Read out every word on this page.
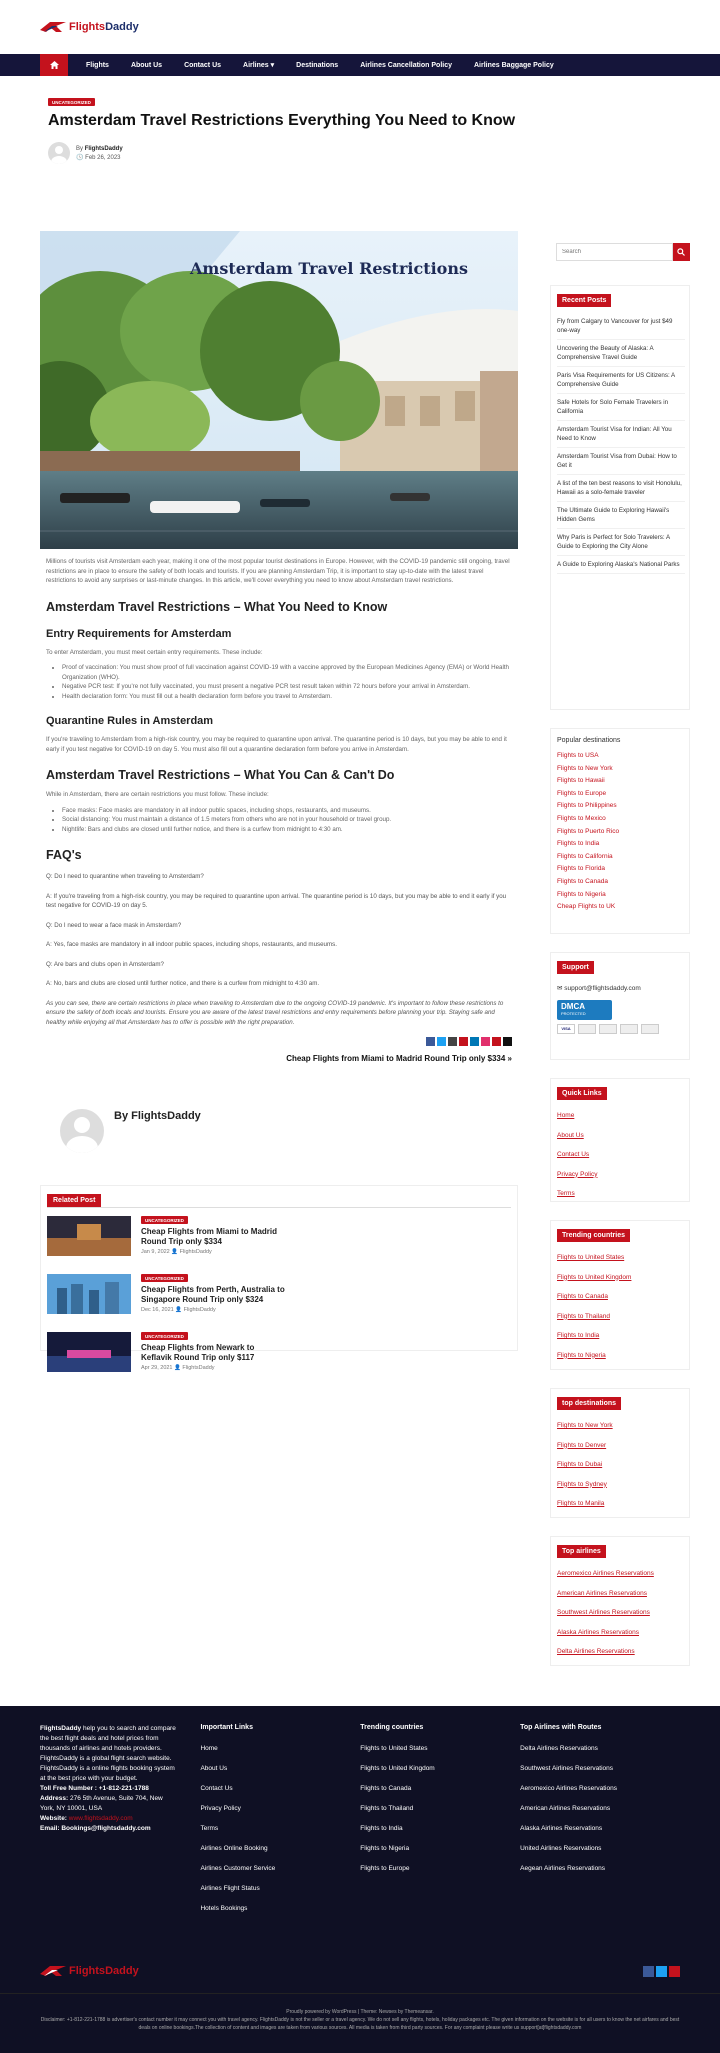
FlightsDaddy
Flights	About Us	Contact Us	Airlines ▾	Destinations	Airlines Cancellation Policy	Airlines Baggage Policy
UNCATEGORIZED
Amsterdam Travel Restrictions Everything You Need to Know
By FlightsDaddy
🕓 Feb 26, 2023
Amsterdam Travel Restrictions

Millions of tourists visit Amsterdam each year, making it one of the most popular tourist destinations in Europe. However, with the COVID-19 pandemic still ongoing, travel restrictions are in place to ensure the safety of both locals and tourists. If you are planning Amsterdam Trip, it is important to stay up-to-date with the latest travel restrictions to avoid any surprises or last-minute changes. In this article, we'll cover everything you need to know about Amsterdam travel restrictions.

Amsterdam Travel Restrictions – What You Need to Know
Entry Requirements for Amsterdam

To enter Amsterdam, you must meet certain entry requirements. These include:

• Proof of vaccination: You must show proof of full vaccination against COVID-19 with a vaccine approved by the European Medicines Agency (EMA) or World Health Organization (WHO).
• Negative PCR test: If you're not fully vaccinated, you must present a negative PCR test result taken within 72 hours before your arrival in Amsterdam.
• Health declaration form: You must fill out a health declaration form before you travel to Amsterdam.
Quarantine Rules in Amsterdam

If you're traveling to Amsterdam from a high-risk country, you may be required to quarantine upon arrival. The quarantine period is 10 days, but you may be able to end it early if you test negative for COVID-19 on day 5. You must also fill out a quarantine declaration form before you arrive in Amsterdam.

Amsterdam Travel Restrictions – What You Can & Can't Do

While in Amsterdam, there are certain restrictions you must follow. These include:

• Face masks: Face masks are mandatory in all indoor public spaces, including shops, restaurants, and museums.
• Social distancing: You must maintain a distance of 1.5 meters from others who are not in your household or travel group.
• Nightlife: Bars and clubs are closed until further notice, and there is a curfew from midnight to 4:30 am.
FAQ's

Q: Do I need to quarantine when traveling to Amsterdam?

A: If you're traveling from a high-risk country, you may be required to quarantine upon arrival. The quarantine period is 10 days, but you may be able to end it early if you test negative for COVID-19 on day 5.

Q: Do I need to wear a face mask in Amsterdam?

A: Yes, face masks are mandatory in all indoor public spaces, including shops, restaurants, and museums.

Q: Are bars and clubs open in Amsterdam?

A: No, bars and clubs are closed until further notice, and there is a curfew from midnight to 4:30 am.

As you can see, there are certain restrictions in place when traveling to Amsterdam due to the ongoing COVID-19 pandemic. It's important to follow these restrictions to ensure the safety of both locals and tourists. Ensure you are aware of the latest travel restrictions and entry requirements before planning your trip. Staying safe and healthy while enjoying all that Amsterdam has to offer is possible with the right preparation.

Cheap Flights from Miami to Madrid Round Trip only $334 »
By FlightsDaddy
Related Post
UNCATEGORIZED
Cheap Flights from Miami to Madrid Round Trip only $334
Jan 9, 2022 👤 FlightsDaddy
UNCATEGORIZED
Cheap Flights from Perth, Australia to Singapore Round Trip only $324
Dec 16, 2021 👤 FlightsDaddy
UNCATEGORIZED
Cheap Flights from Newark to Keflavik Round Trip only $117
Apr 29, 2021 👤 FlightsDaddy
Search
Recent Posts
Fly from Calgary to Vancouver for just $49 one-way
Uncovering the Beauty of Alaska: A Comprehensive Travel Guide
Paris Visa Requirements for US Citizens: A Comprehensive Guide
Safe Hotels for Solo Female Travelers in California
Amsterdam Tourist Visa for Indian: All You Need to Know
Amsterdam Tourist Visa from Dubai: How to Get it
A list of the ten best reasons to visit Honolulu, Hawaii as a solo-female traveler
The Ultimate Guide to Exploring Hawaii's Hidden Gems
Why Paris is Perfect for Solo Travelers: A Guide to Exploring the City Alone
A Guide to Exploring Alaska's National Parks
Popular destinations
Flights to USA
Flights to New York
Flights to Hawaii
Flights to Europe
Flights to Philippines
Flights to Mexico
Flights to Puerto Rico
Flights to India
Flights to California
Flights to Florida
Flights to Canada
Flights to Nigeria
Cheap Flights to UK
Support
✉ support@flightsdaddy.com
DMCA
PROTECTED
VISA
Quick Links
Home
About Us
Contact Us
Privacy Policy
Terms
Trending countries
Flights to United States
Flights to United Kingdom
Flights to Canada
Flights to Thailand
Flights to India
Flights to Nigeria
top destinations
Flights to New York
Flights to Denver
Flights to Dubai
Flights to Sydney
Flights to Manila
Top airlines
Aeromexico Airlines Reservations
American Airlines Reservations
Southwest Airlines Reservations
Alaska Airlines Reservations
Delta Airlines Reservations
FlightsDaddy help you to search and compare the best flight deals and hotel prices from thousands of airlines and hotels providers. FlightsDaddy is a global flight search website. FlightsDaddy is a online flights booking system at the best price with your budget.
Toll Free Number : +1-812-221-1788
Address: 276 5th Avenue, Suite 704, New York, NY 10001, USA
Website: www.flightsdaddy.com
Email: Bookings@flightsdaddy.com
Important Links
Home
About Us
Contact Us
Privacy Policy
Terms
Airlines Online Booking
Airlines Customer Service
Airlines Flight Status
Hotels Bookings
Trending countries
Flights to United States
Flights to United Kingdom
Flights to Canada
Flights to Thailand
Flights to India
Flights to Nigeria
Flights to Europe
Top Airlines with Routes
Delta Airlines Reservations
Southwest Airlines Reservations
Aeromexico Airlines Reservations
American Airlines Reservations
Alaska Airlines Reservations
United Airlines Reservations
Aegean Airlines Reservations
FlightsDaddy
Proudly powered by WordPress | Theme: Newses by Themeansar.
Disclaimer: +1-812-221-1788 is advertiser's contact number it may connect you with travel agency. FlightsDaddy is not the seller or a travel agency. We do not sell any flights, hotels, holiday packages etc. The given information on the website is for all users to know the net airfares and best deals on online bookings.The collection of content and images are taken from various sources. All media is taken from third party sources. For any complaint please write us support[at]flightsdaddy.com
